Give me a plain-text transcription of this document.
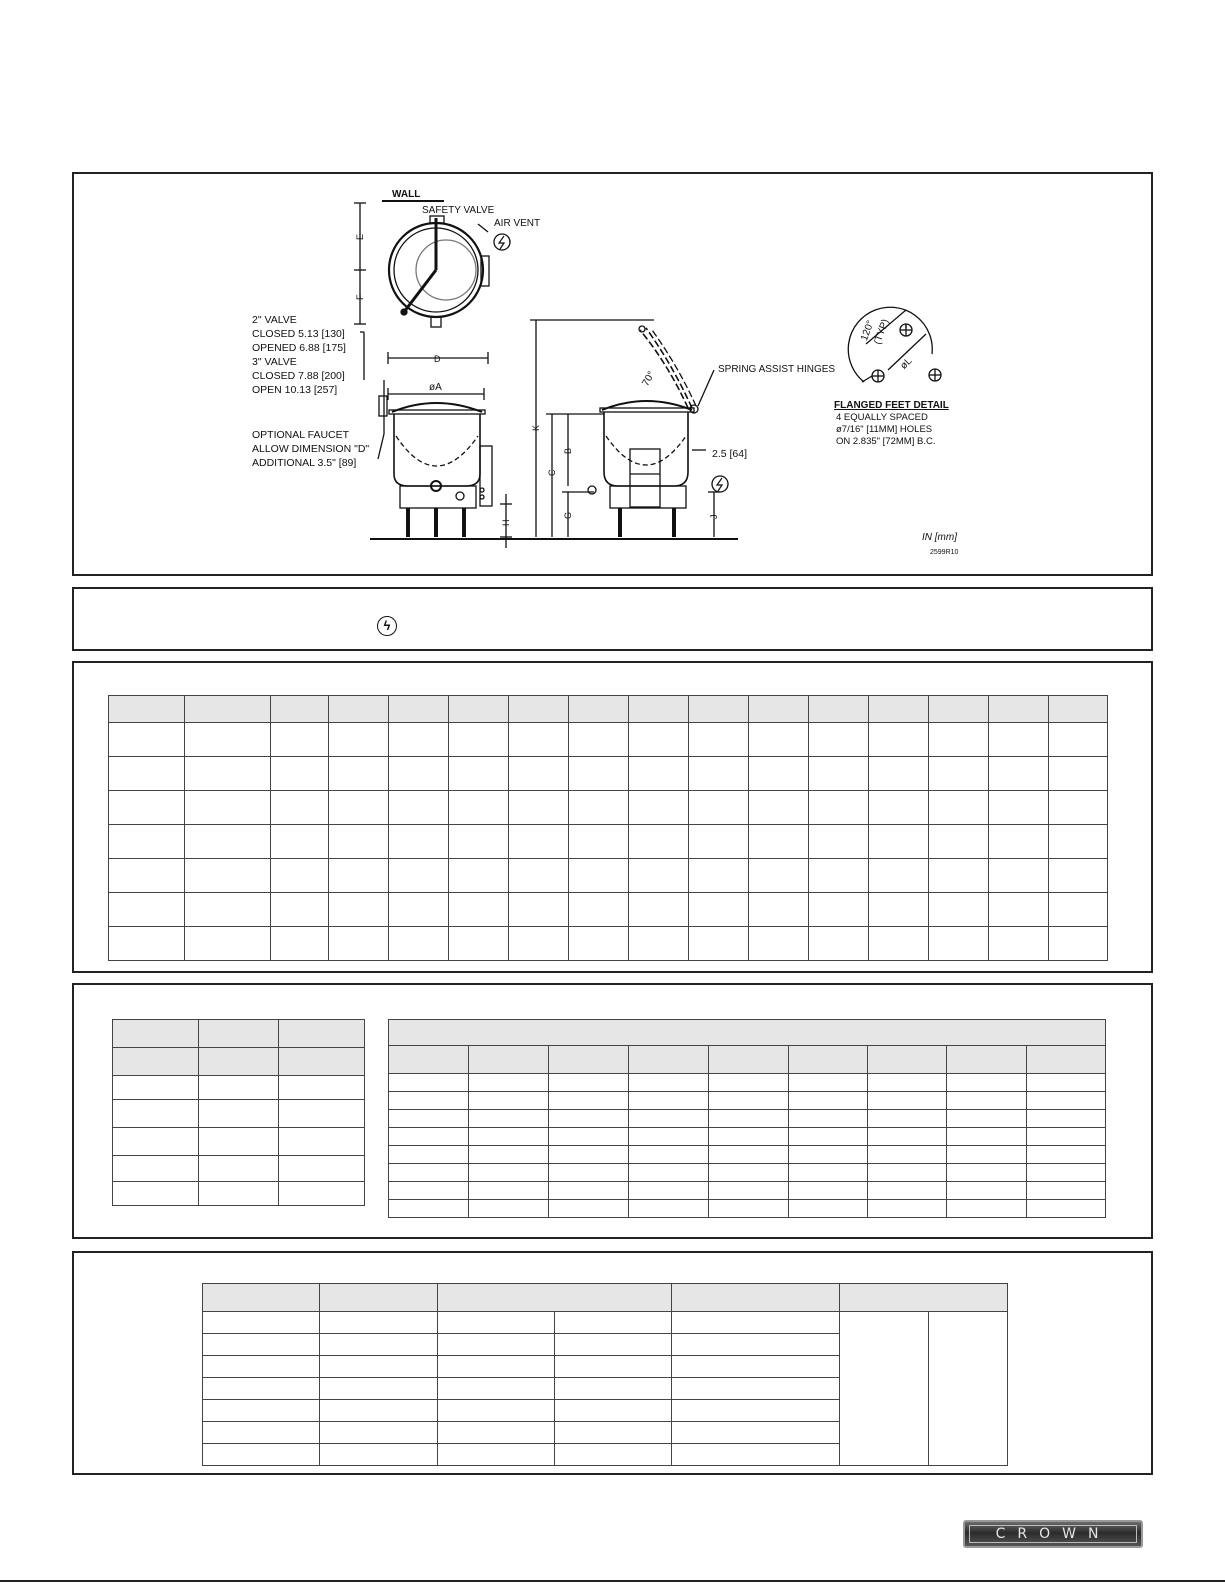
WALL
E
F
D
SAFETY VALVE
AIR VENT
2" VALVE
CLOSED 5.13 [130]
OPENED 6.88 [175]
3" VALVE
CLOSED 7.88 [200]
OPEN 10.13 [257]
OPTIONAL FAUCET
ALLOW DIMENSION "D"
ADDITIONAL 3.5" [89]
øA
H
K
C
B
G
70°
SPRING ASSIST HINGES
2.5 [64]
J
120°
(TYP)
øL
FLANGED FEET DETAIL
4 EQUALLY SPACED
ø7/16" [11MM] HOLES
ON 2.835" [72MM] B.C.
IN [mm]
2599R10
ϟ

CROWN
